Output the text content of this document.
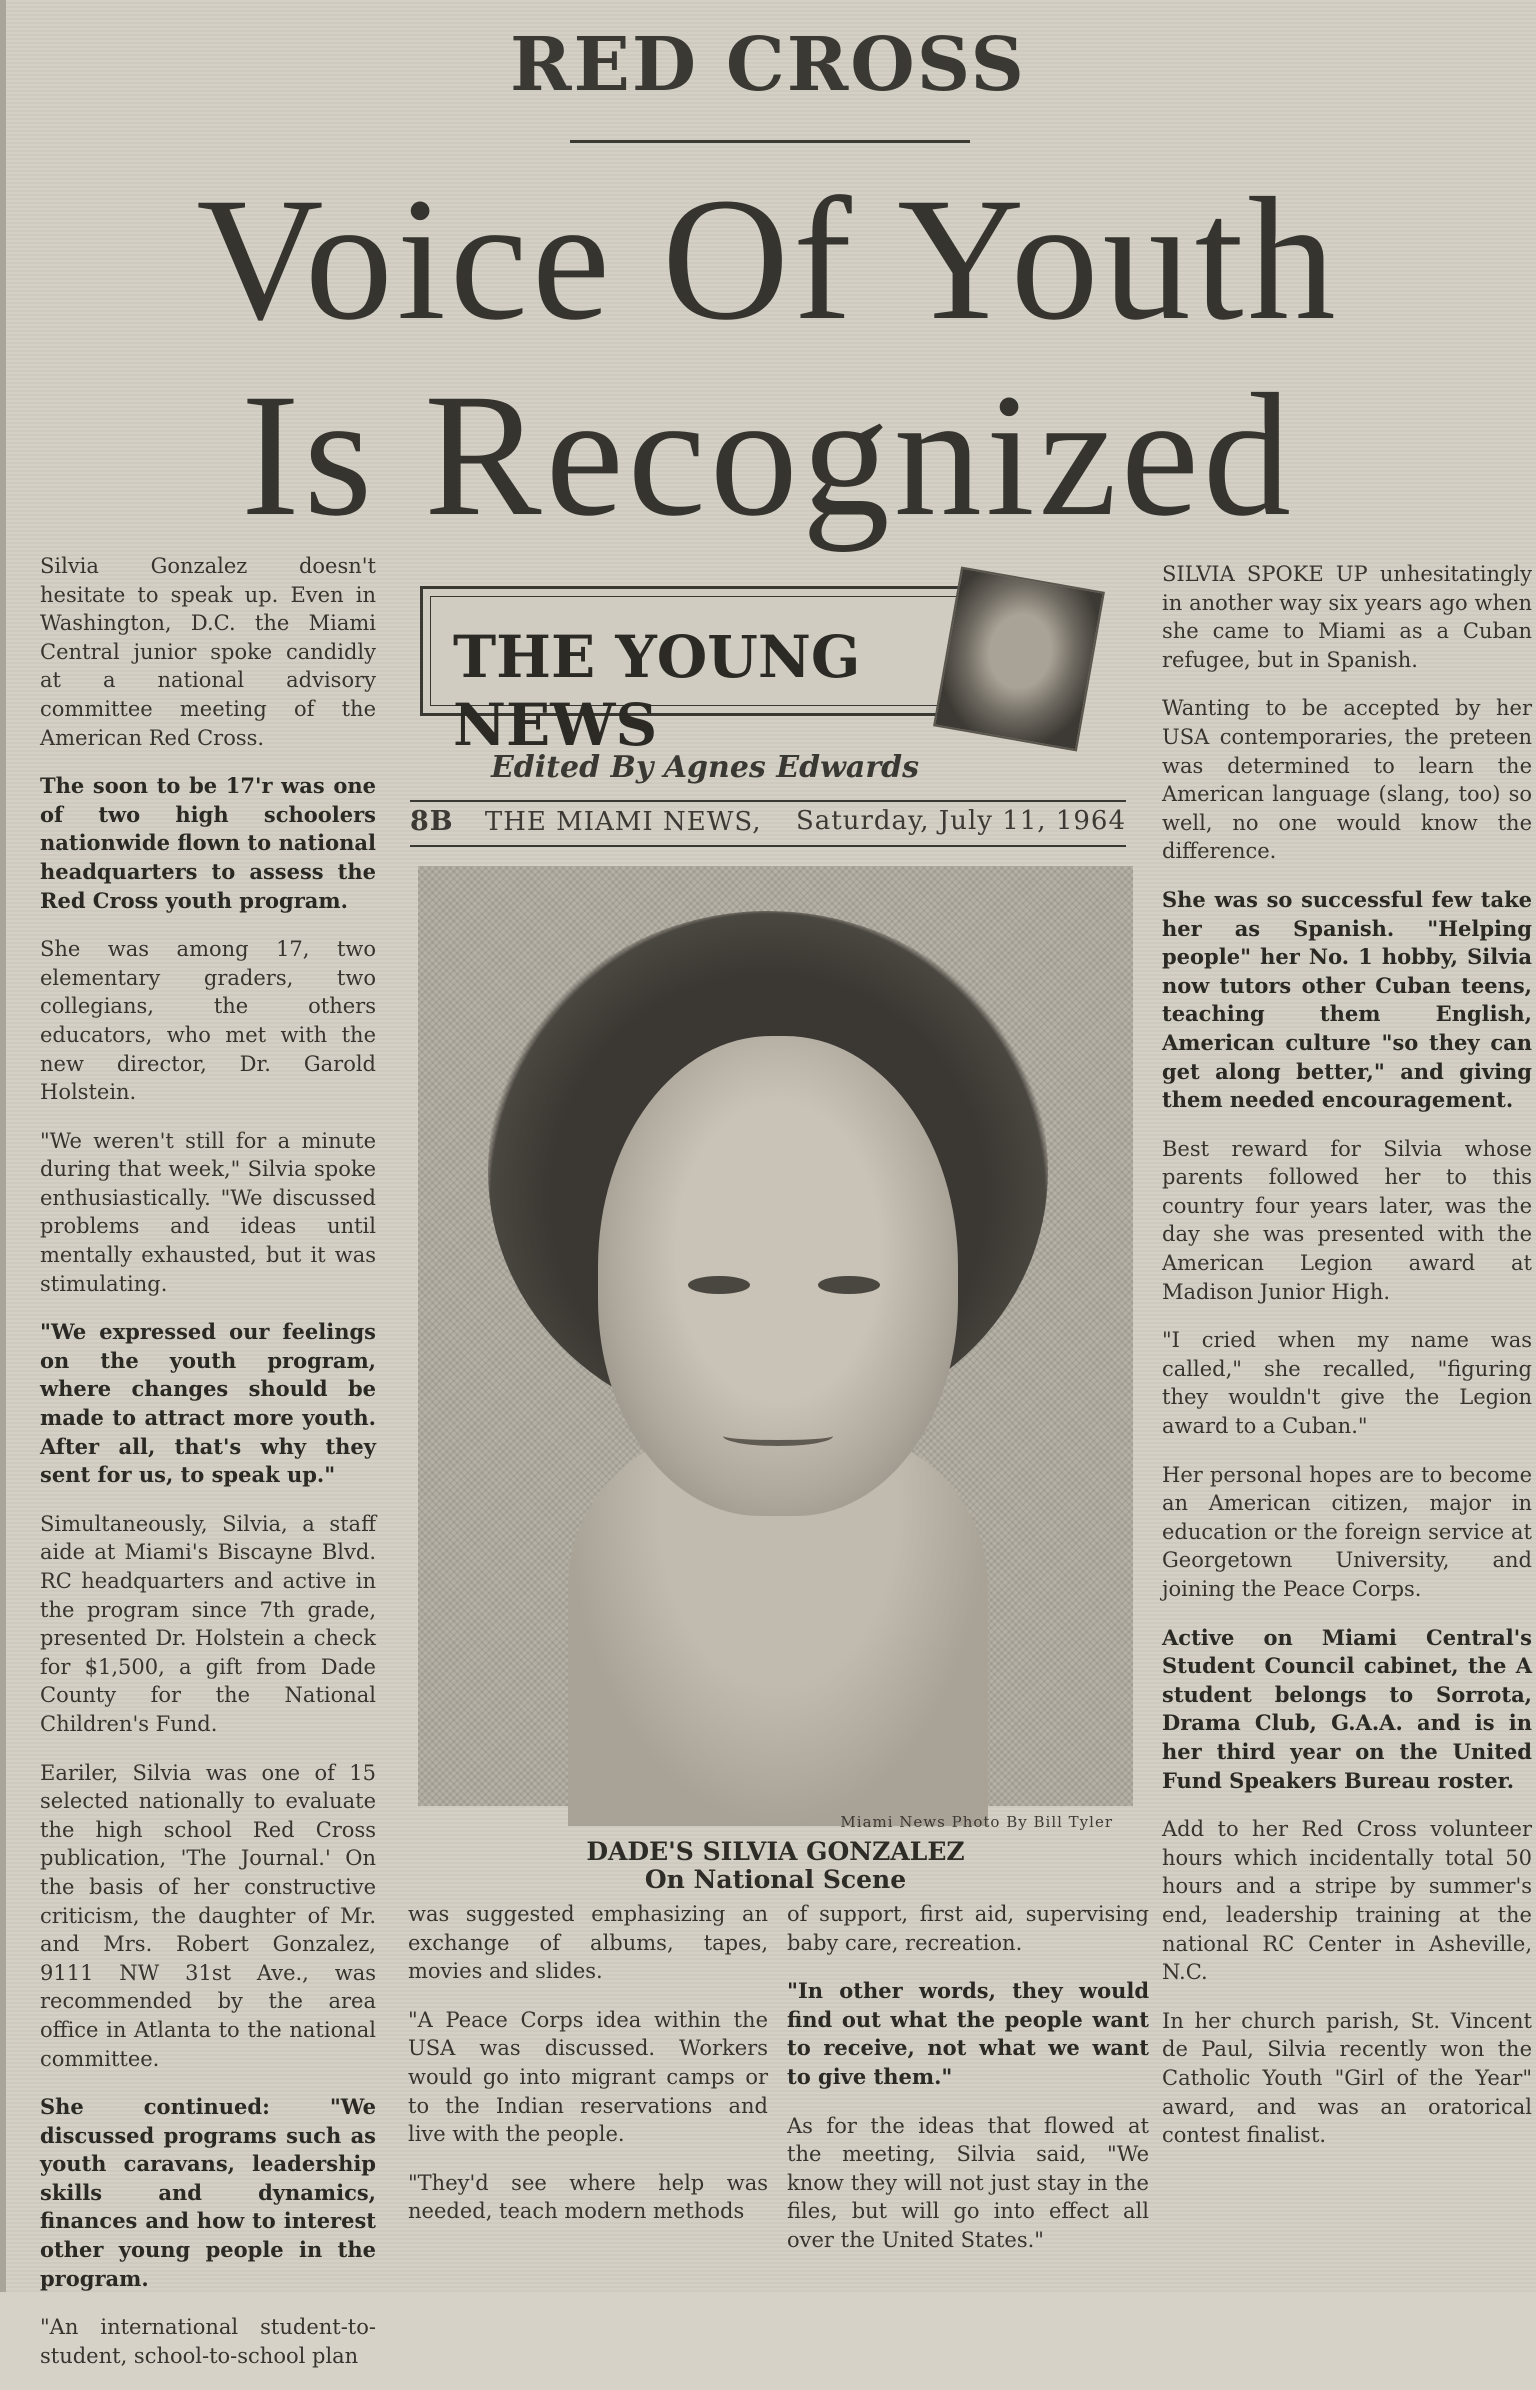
RED CROSS
Voice Of Youth
Is Recognized

Silvia Gonzalez doesn't hesitate to speak up. Even in Washington, D.C. the Miami Central junior spoke candidly at a national advisory committee meeting of the American Red Cross.

The soon to be 17'r was one of two high schoolers nationwide flown to national headquarters to assess the Red Cross youth program.

She was among 17, two elementary graders, two collegians, the others educators, who met with the new director, Dr. Garold Holstein.

"We weren't still for a minute during that week," Silvia spoke enthusiastically. "We discussed problems and ideas until mentally exhausted, but it was stimulating.

"We expressed our feelings on the youth program, where changes should be made to attract more youth. After all, that's why they sent for us, to speak up."

Simultaneously, Silvia, a staff aide at Miami's Biscayne Blvd. RC headquarters and active in the program since 7th grade, presented Dr. Holstein a check for $1,500, a gift from Dade County for the National Children's Fund.

Eariler, Silvia was one of 15 selected nationally to evaluate the high school Red Cross publication, 'The Journal.' On the basis of her constructive criticism, the daughter of Mr. and Mrs. Robert Gonzalez, 9111 NW 31st Ave., was recommended by the area office in Atlanta to the national committee.

She continued: "We discussed programs such as youth caravans, leadership skills and dynamics, finances and how to interest other young people in the program.

"An international student-to-student, school-to-school plan

THE YOUNG NEWS
Edited By Agnes Edwards
8B THE MIAMI NEWS, Saturday, July 11, 1964
Miami News Photo By Bill Tyler
DADE'S SILVIA GONZALEZ
On National Scene

was suggested emphasizing an exchange of albums, tapes, movies and slides.

"A Peace Corps idea within the USA was discussed. Workers would go into migrant camps or to the Indian reservations and live with the people.

"They'd see where help was needed, teach modern methods

of support, first aid, supervising baby care, recreation.

"In other words, they would find out what the people want to receive, not what we want to give them."

As for the ideas that flowed at the meeting, Silvia said, "We know they will not just stay in the files, but will go into effect all over the United States."

SILVIA SPOKE UP unhesitatingly in another way six years ago when she came to Miami as a Cuban refugee, but in Spanish.

Wanting to be accepted by her USA contemporaries, the preteen was determined to learn the American language (slang, too) so well, no one would know the difference.

She was so successful few take her as Spanish. "Helping people" her No. 1 hobby, Silvia now tutors other Cuban teens, teaching them English, American culture "so they can get along better," and giving them needed encouragement.

Best reward for Silvia whose parents followed her to this country four years later, was the day she was presented with the American Legion award at Madison Junior High.

"I cried when my name was called," she recalled, "figuring they wouldn't give the Legion award to a Cuban."

Her personal hopes are to become an American citizen, major in education or the foreign service at Georgetown University, and joining the Peace Corps.

Active on Miami Central's Student Council cabinet, the A student belongs to Sorrota, Drama Club, G.A.A. and is in her third year on the United Fund Speakers Bureau roster.

Add to her Red Cross volunteer hours which incidentally total 50 hours and a stripe by summer's end, leadership training at the national RC Center in Asheville, N.C.

In her church parish, St. Vincent de Paul, Silvia recently won the Catholic Youth "Girl of the Year" award, and was an oratorical contest finalist.
